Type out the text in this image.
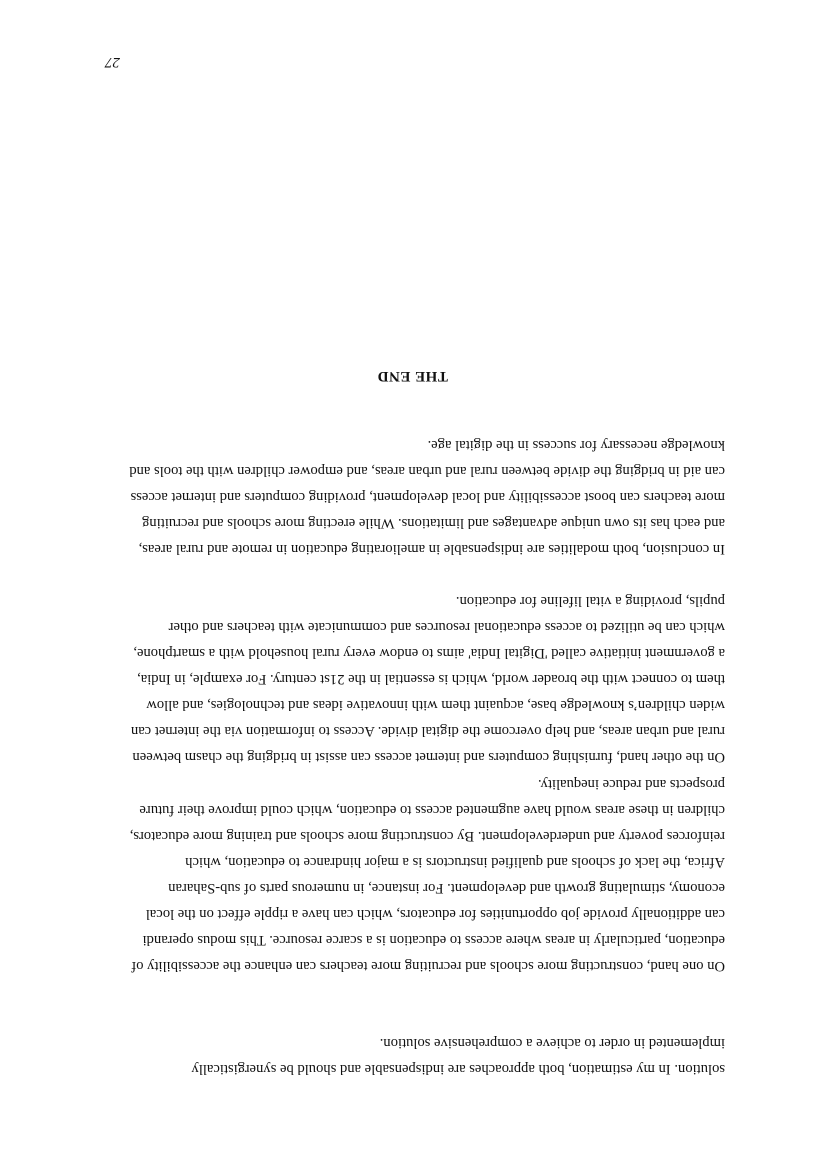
solution. In my estimation, both approaches are indispensable and should be synergistically
implemented in order to achieve a comprehensive solution.
On one hand, constructing more schools and recruiting more teachers can enhance the accessibility of
education, particularly in areas where access to education is a scarce resource. This modus operandi
can additionally provide job opportunities for educators, which can have a ripple effect on the local
economy, stimulating growth and development. For instance, in numerous parts of sub-Saharan
Africa, the lack of schools and qualified instructors is a major hindrance to education, which
reinforces poverty and underdevelopment. By constructing more schools and training more educators,
children in these areas would have augmented access to education, which could improve their future
prospects and reduce inequality.
On the other hand, furnishing computers and internet access can assist in bridging the chasm between
rural and urban areas, and help overcome the digital divide. Access to information via the internet can
widen children’s knowledge base, acquaint them with innovative ideas and technologies, and allow
them to connect with the broader world, which is essential in the 21st century. For example, in India,
a government initiative called 'Digital India' aims to endow every rural household with a smartphone,
which can be utilized to access educational resources and communicate with teachers and other
pupils, providing a vital lifeline for education.
In conclusion, both modalities are indispensable in ameliorating education in remote and rural areas,
and each has its own unique advantages and limitations. While erecting more schools and recruiting
more teachers can boost accessibility and local development, providing computers and internet access
can aid in bridging the divide between rural and urban areas, and empower children with the tools and
knowledge necessary for success in the digital age.
THE END
27
